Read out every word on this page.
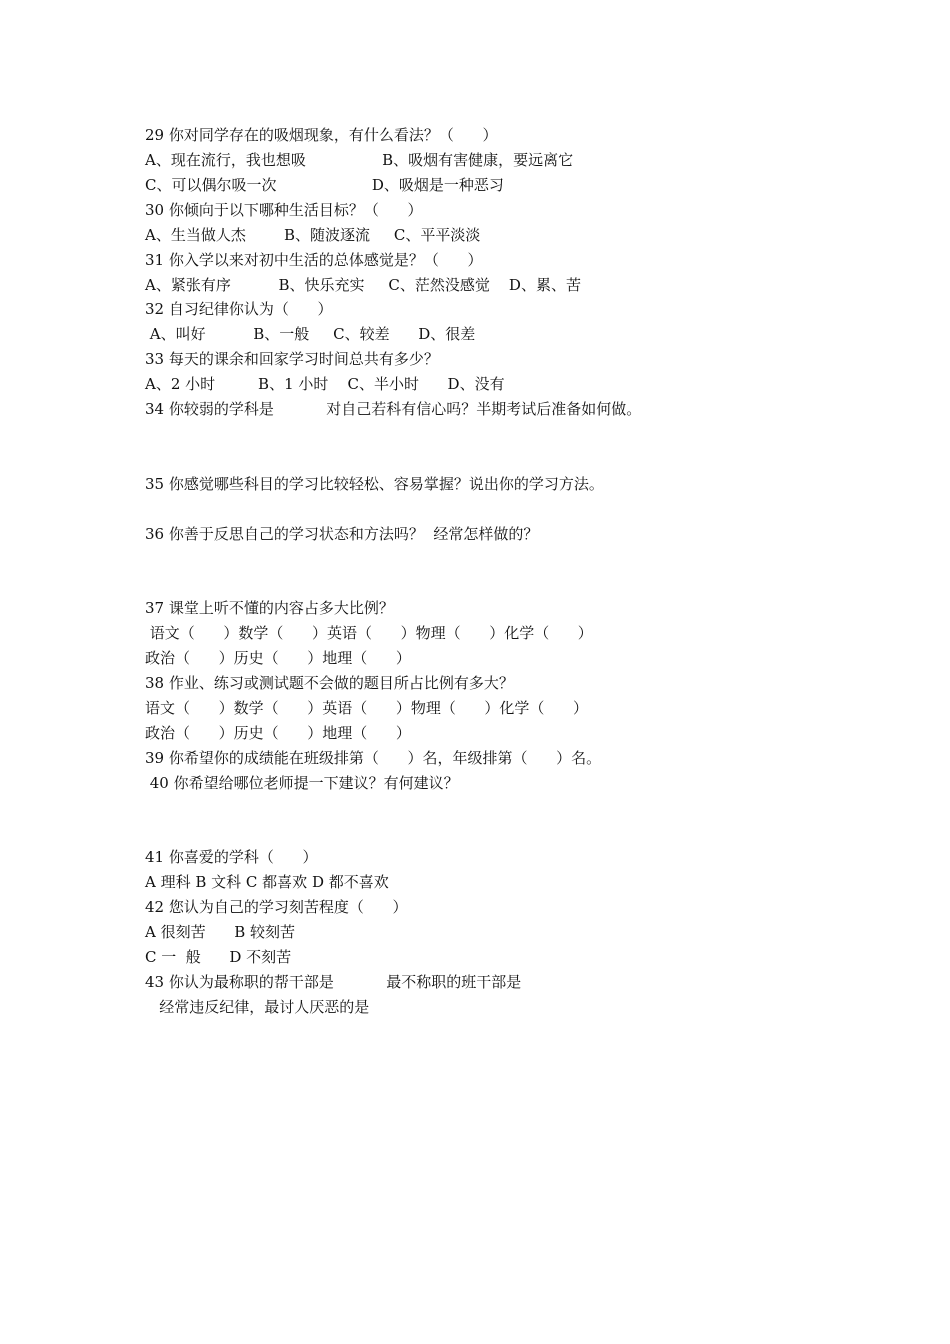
29 你对同学存在的吸烟现象，有什么看法？（      ）
A、现在流行，我也想吸                B、吸烟有害健康，要远离它
C、可以偶尔吸一次                    D、吸烟是一种恶习
30 你倾向于以下哪种生活目标？（      ）
A、生当做人杰        B、随波逐流     C、平平淡淡
31 你入学以来对初中生活的总体感觉是？（      ）
A、紧张有序          B、快乐充实     C、茫然没感觉    D、累、苦
32 自习纪律你认为（      ）
A、叫好          B、一般     C、较差      D、很差
33 每天的课余和回家学习时间总共有多少？
A、2 小时         B、1 小时    C、半小时      D、没有
34 你较弱的学科是           对自己若科有信心吗？半期考试后准备如何做。
35 你感觉哪些科目的学习比较轻松、容易掌握？说出你的学习方法。
36 你善于反思自己的学习状态和方法吗？  经常怎样做的？
37 课堂上听不懂的内容占多大比例？
语文（      ）数学（      ）英语（      ）物理（      ）化学（      ）
政治（      ）历史（      ）地理（      ）
38 作业、练习或测试题不会做的题目所占比例有多大？
语文（      ）数学（      ）英语（      ）物理（      ）化学（      ）
政治（      ）历史（      ）地理（      ）
39 你希望你的成绩能在班级排第（      ）名，年级排第（      ）名。
40 你希望给哪位老师提一下建议？有何建议？
41 你喜爱的学科（      ）
A 理科 B 文科 C 都喜欢 D 都不喜欢
42 您认为自己的学习刻苦程度（      ）
A 很刻苦      B 较刻苦
C 一  般      D 不刻苦
43 你认为最称职的帮干部是           最不称职的班干部是
经常违反纪律，最讨人厌恶的是
